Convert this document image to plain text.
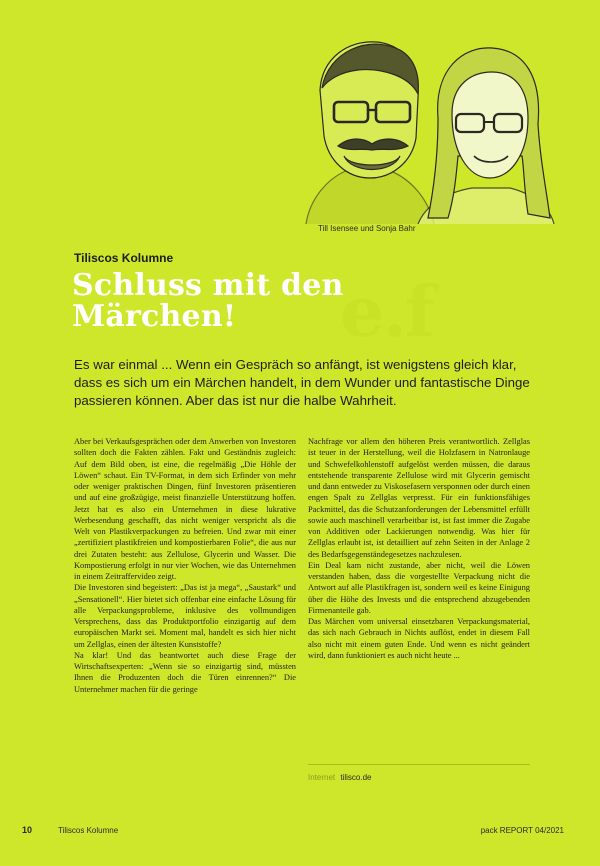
e.f
Till Isensee und Sonja Bahr
Tiliscos Kolumne
Schluss mit den
Märchen!
Es war einmal ... Wenn ein Gespräch so anfängt, ist wenigstens gleich klar, dass es sich um ein Märchen handelt, in dem Wunder und fantastische Dinge passieren können. Aber das ist nur die halbe Wahrheit.

Aber bei Verkaufsgesprächen oder dem Anwerben von Investoren sollten doch die Fakten zählen. Fakt und Geständnis zugleich: Auf dem Bild oben, ist eine, die regelmäßig „Die Höhle der Löwen“ schaut. Ein TV-Format, in dem sich Erfinder von mehr oder weniger praktischen Dingen, fünf Investoren präsentieren und auf eine großzügige, meist finanzielle Unterstützung hoffen. Jetzt hat es also ein Unternehmen in diese lukrative Werbesendung geschafft, das nicht weniger verspricht als die Welt von Plastikverpackungen zu befreien. Und zwar mit einer „zertifiziert plastikfreien und kompostierbaren Folie“, die aus nur drei Zutaten besteht: aus Zellulose, Glycerin und Wasser. Die Kompostierung erfolgt in nur vier Wochen, wie das Unternehmen in einem Zeitraffervideo zeigt.

Die Investoren sind begeistert: „Das ist ja mega“, „Saustark“ und „Sensationell“. Hier bietet sich offenbar eine einfache Lösung für alle Verpackungsprobleme, inklusive des vollmundigen Versprechens, dass das Produktportfolio einzigartig auf dem europäischen Markt sei. Moment mal, handelt es sich hier nicht um Zellglas, einen der ältesten Kunststoffe?

Na klar! Und das beantwortet auch diese Frage der Wirtschaftsexperten: „Wenn sie so einzigartig sind, müssten Ihnen die Produzenten doch die Türen einrennen?“ Die Unternehmer machen für die geringe

Nachfrage vor allem den höheren Preis verantwortlich. Zellglas ist teuer in der Herstellung, weil die Holzfasern in Natronlauge und Schwefelkohlenstoff aufgelöst werden müssen, die daraus entstehende transparente Zellulose wird mit Glycerin gemischt und dann entweder zu Viskosefasern versponnen oder durch einen engen Spalt zu Zellglas verpresst. Für ein funktionsfähiges Packmittel, das die Schutzanforderungen der Lebensmittel erfüllt sowie auch maschinell verarbeitbar ist, ist fast immer die Zugabe von Additiven oder Lackierungen notwendig. Was hier für Zellglas erlaubt ist, ist detailliert auf zehn Seiten in der Anlage 2 des Bedarfsgegenständegesetzes nachzulesen.

Ein Deal kam nicht zustande, aber nicht, weil die Löwen verstanden haben, dass die vorgestellte Verpackung nicht die Antwort auf alle Plastikfragen ist, sondern weil es keine Einigung über die Höhe des Invests und die entsprechend abzugebenden Firmenanteile gab.

Das Märchen vom universal einsetzbaren Verpackungsmaterial, das sich nach Gebrauch in Nichts auflöst, endet in diesem Fall also nicht mit einem guten Ende. Und wenn es nicht geändert wird, dann funktioniert es auch nicht heute ...

Internet tilisco.de
10	Tiliscos Kolumne	pack REPORT 04/2021
